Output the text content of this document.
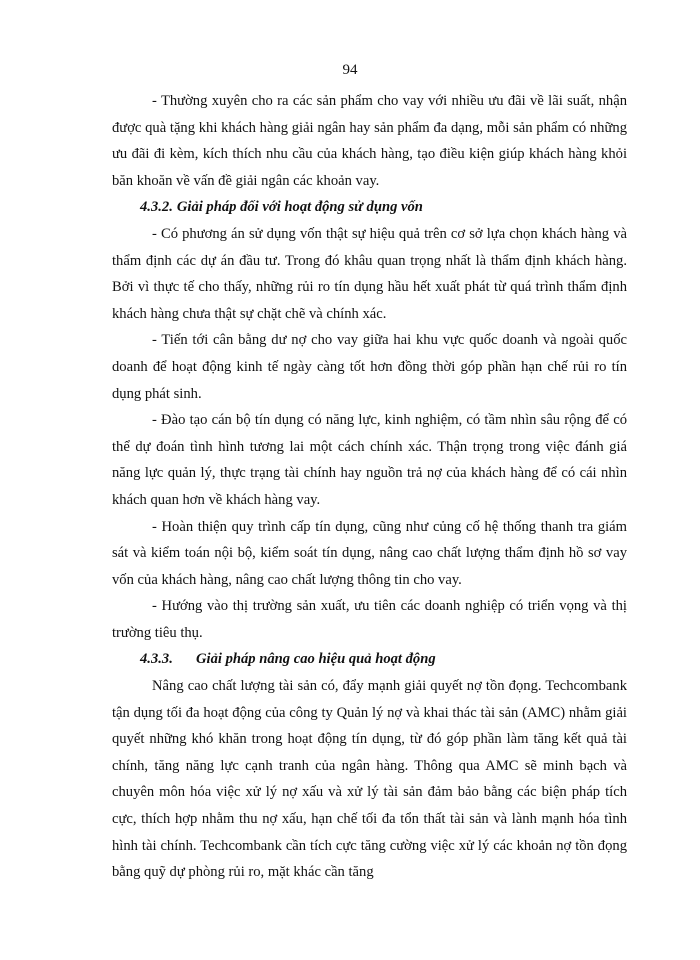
94

- Thường xuyên cho ra các sản phẩm cho vay với nhiều ưu đãi về lãi suất, nhận được quà tặng khi khách hàng giải ngân hay sản phẩm đa dạng, mỗi sản phẩm có những ưu đãi đi kèm, kích thích nhu cầu của khách hàng, tạo điều kiện giúp khách hàng khỏi băn khoăn về vấn đề giải ngân các khoản vay.

4.3.2. Giải pháp đối với hoạt động sử dụng vốn

- Có phương án sử dụng vốn thật sự hiệu quả trên cơ sở lựa chọn khách hàng và thẩm định các dự án đầu tư. Trong đó khâu quan trọng nhất là thẩm định khách hàng. Bởi vì thực tế cho thấy, những rủi ro tín dụng hầu hết xuất phát từ quá trình thẩm định khách hàng chưa thật sự chặt chẽ và chính xác.

- Tiến tới cân bằng dư nợ cho vay giữa hai khu vực quốc doanh và ngoài quốc doanh để hoạt động kinh tế ngày càng tốt hơn đồng thời góp phần hạn chế rủi ro tín dụng phát sinh.

- Đào tạo cán bộ tín dụng có năng lực, kinh nghiệm, có tầm nhìn sâu rộng để có thể dự đoán tình hình tương lai một cách chính xác. Thận trọng trong việc đánh giá năng lực quản lý, thực trạng tài chính hay nguồn trả nợ của khách hàng để có cái nhìn khách quan hơn về khách hàng vay.

- Hoàn thiện quy trình cấp tín dụng, cũng như củng cố hệ thống thanh tra giám sát và kiểm toán nội bộ, kiểm soát tín dụng, nâng cao chất lượng thẩm định hồ sơ vay vốn của khách hàng, nâng cao chất lượng thông tin cho vay.

- Hướng vào thị trường sản xuất, ưu tiên các doanh nghiệp có triển vọng và thị trường tiêu thụ.

4.3.3. Giải pháp nâng cao hiệu quả hoạt động

Nâng cao chất lượng tài sản có, đẩy mạnh giải quyết nợ tồn đọng. Techcombank tận dụng tối đa hoạt động của công ty Quản lý nợ và khai thác tài sản (AMC) nhằm giải quyết những khó khăn trong hoạt động tín dụng, từ đó góp phần làm tăng kết quả tài chính, tăng năng lực cạnh tranh của ngân hàng. Thông qua AMC sẽ minh bạch và chuyên môn hóa việc xử lý nợ xấu và xử lý tài sản đảm bảo bằng các biện pháp tích cực, thích hợp nhằm thu nợ xấu, hạn chế tối đa tổn thất tài sản và lành mạnh hóa tình hình tài chính. Techcombank cần tích cực tăng cường việc xử lý các khoản nợ tồn đọng bằng quỹ dự phòng rủi ro, mặt khác cần tăng
